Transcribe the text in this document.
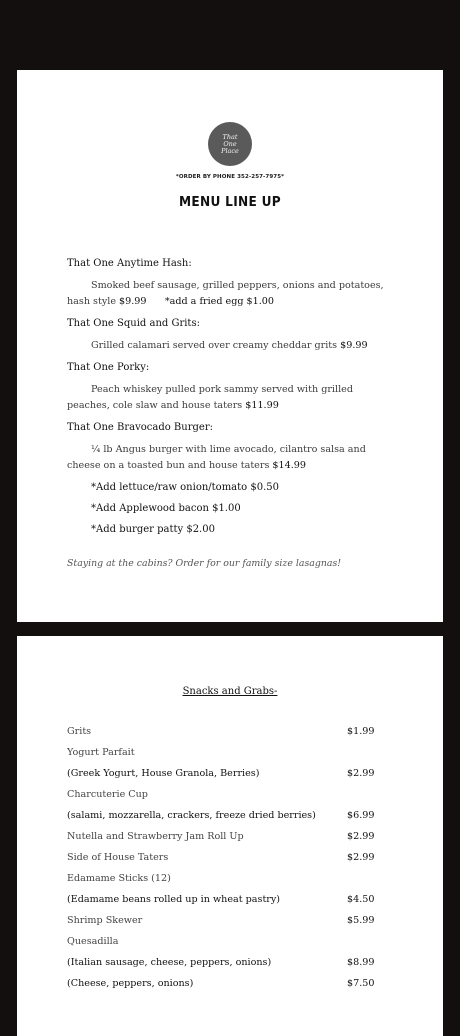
That
One
Place
*ORDER BY PHONE 352-257-7975*
MENU LINE UP

That One Anytime Hash:

Smoked beef sausage, grilled peppers, onions and potatoes, hash style $9.99 *add a fried egg $1.00

That One Squid and Grits:

Grilled calamari served over creamy cheddar grits $9.99

That One Porky:

Peach whiskey pulled pork sammy served with grilled peaches, cole slaw and house taters $11.99

That One Bravocado Burger:

¼ lb Angus burger with lime avocado, cilantro salsa and cheese on a toasted bun and house taters $14.99

*Add lettuce/raw onion/tomato $0.50

*Add Applewood bacon $1.00

*Add burger patty $2.00

Staying at the cabins? Order for our family size lasagnas!

Snacks and Grabs-
Grits	$1.99
Yogurt Parfait
(Greek Yogurt, House Granola, Berries)	$2.99
Charcuterie Cup
(salami, mozzarella, crackers, freeze dried berries)	$6.99
Nutella and Strawberry Jam Roll Up	$2.99
Side of House Taters	$2.99
Edamame Sticks (12)
(Edamame beans rolled up in wheat pastry)	$4.50
Shrimp Skewer	$5.99
Quesadilla
(Italian sausage, cheese, peppers, onions)	$8.99
(Cheese, peppers, onions)	$7.50
